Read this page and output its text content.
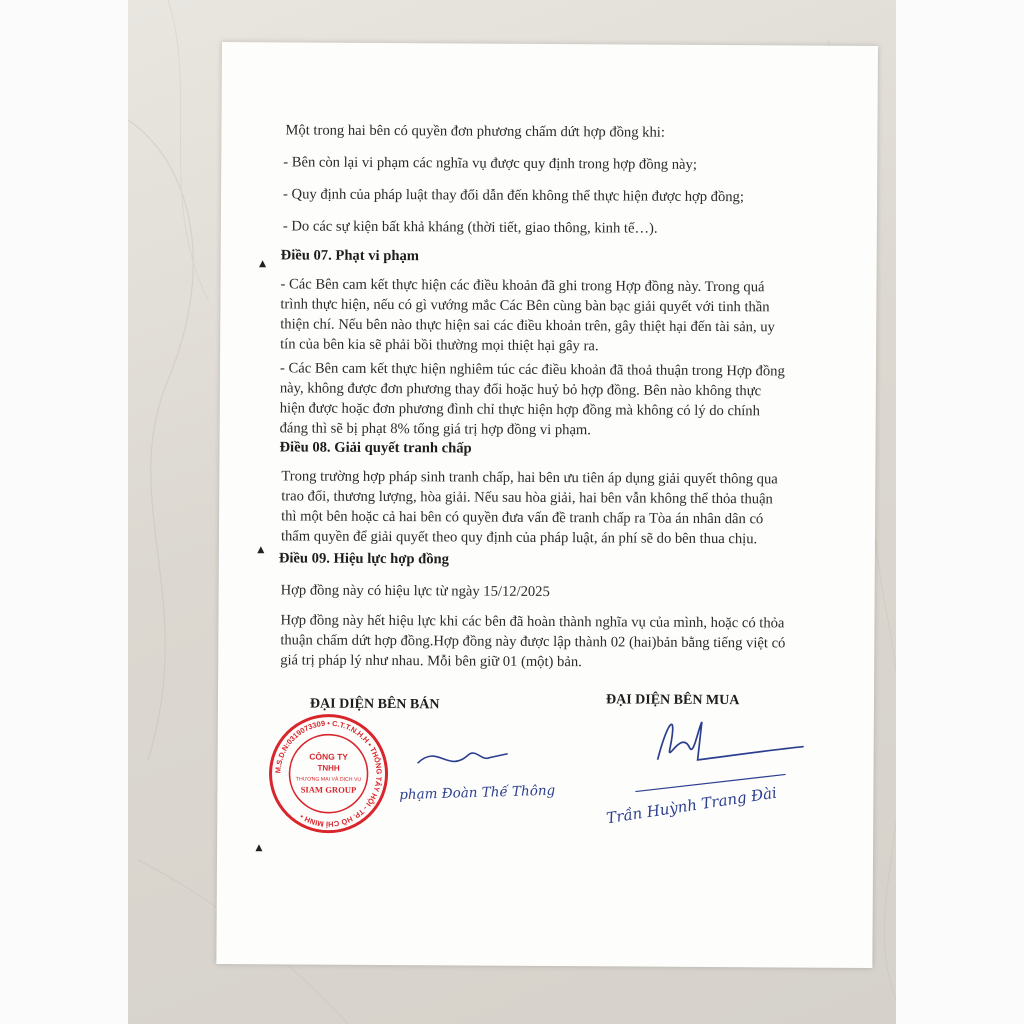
Một trong hai bên có quyền đơn phương chấm dứt hợp đồng khi:

- Bên còn lại vi phạm các nghĩa vụ được quy định trong hợp đồng này;

- Quy định của pháp luật thay đổi dẫn đến không thể thực hiện được hợp đồng;

- Do các sự kiện bất khả kháng (thời tiết, giao thông, kinh tế…).

Điều 07. Phạt vi phạm

▲

- Các Bên cam kết thực hiện các điều khoản đã ghi trong Hợp đồng này. Trong quá

trình thực hiện, nếu có gì vướng mắc Các Bên cùng bàn bạc giải quyết với tinh thần

thiện chí. Nếu bên nào thực hiện sai các điều khoản trên, gây thiệt hại đến tài sản, uy

tín của bên kia sẽ phải bồi thường mọi thiệt hại gây ra.

- Các Bên cam kết thực hiện nghiêm túc các điều khoản đã thoả thuận trong Hợp đồng

này, không được đơn phương thay đổi hoặc huỷ bỏ hợp đồng. Bên nào không thực

hiện được hoặc đơn phương đình chỉ thực hiện hợp đồng mà không có lý do chính

đáng thì sẽ bị phạt 8% tổng giá trị hợp đồng vi phạm.

Điều 08. Giải quyết tranh chấp

Trong trường hợp pháp sinh tranh chấp, hai bên ưu tiên áp dụng giải quyết thông qua

trao đổi, thương lượng, hòa giải. Nếu sau hòa giải, hai bên vẫn không thể thỏa thuận

thì một bên hoặc cả hai bên có quyền đưa vấn đề tranh chấp ra Tòa án nhân dân có

thẩm quyền để giải quyết theo quy định của pháp luật, án phí sẽ do bên thua chịu.

▲

Điều 09. Hiệu lực hợp đồng

Hợp đồng này có hiệu lực từ ngày 15/12/2025

Hợp đồng này hết hiệu lực khi các bên đã hoàn thành nghĩa vụ của mình, hoặc có thỏa

thuận chấm dứt hợp đồng.Hợp đồng này được lập thành 02 (hai)bản bằng tiếng việt có

giá trị pháp lý như nhau. Mỗi bên giữ 01 (một) bản.

ĐẠI DIỆN BÊN BÁN	ĐẠI DIỆN BÊN MUA

M.S.D.N:0319073309 • C.T.T.N.H.H • THÔNG TÂY HỘI - TP. HỒ CHÍ MINH •
CÔNG TY
TNHH
THƯƠNG MẠI VÀ DỊCH VỤ
SIAM GROUP	phạm Đoàn Thế Thông	Trần Huỳnh Trang Đài
▲
